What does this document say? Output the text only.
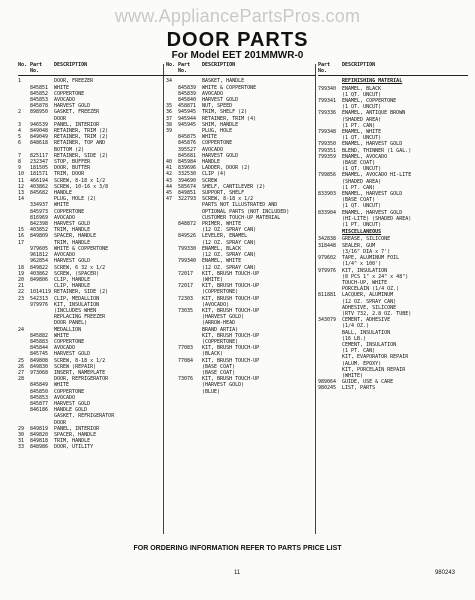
www.AppliancePartsPros.com
DOOR PARTS
For Model EET 201MMWR-0
No. Part No.
DESCRIPTION
1	DOOR, FREEZER
845851	WHITE
845852	COPPERTONE
845853	AVOCADO
845878	HARVEST GOLD
2	898950	GASKET, FREEZER
DOOR
3	946539	PANEL, INTERIOR
4	849048	RETAINER, TRIM (2)
5	849049	RETAINER, TRIM (2)
6	848618	RETAINER, TOP AND
BOTTOM (2)
7	825117	RETAINER, SIDE (2)
8	232347	STOP, BUFFER
9	181505	DOOR, BUTTER
10	181571	TRIM, DOOR
11	466194	SCREW, 8-18 x 1/2
12	403862	SCREW, 10-16 x 3/8
13	845682	HANDLE
14	PLUG, HOLE (2)
334937	WHITE
845973	COPPERTONE
816969	AVOCADO
842398	HARVEST GOLD
15	403852	TRIM, HANDLE
16	849809	SPACER, HANDLE
17	TRIM, HANDLE
979605	WHITE & COPPERTONE
961812	AVOCADO
962854	HARVEST GOLD
18	849822	SCREW, 6 32 x 1/2
19	403862	SCREW, (SPACER)
20	849806	CLIP, HANDLE
21	CLIP, HANDLE
22	1014119 RETAINER, SIDE (2)
23	542313	CLIP, MEDALLION
979976	KIT, INSULATION
(INCLUDES WHEN
REPLACING FREEZER
DOOR PANEL)
24	MEDALLION
845882	WHITE
845883	COPPERTONE
845844	AVOCADO
845745	HARVEST GOLD
25	849808	SCREW, 8-18 x 1/2
26	849830	SCREW (REPAIR)
27	973068	INSERT, NAMEPLATE
28	DOOR, REFRIGERATOR
845849	WHITE
845850	COPPERTONE
845853	AVOCADO
845877	HARVEST GOLD
846186	HANDLE GOLD
GASKET, REFRIGERATOR
DOOR
29	849819	PANEL, INTERIOR
30	849820	SPACER, HANDLE
31	849818	TRIM, HANDLE
33	848986	DOOR, UTILITY
No. Part No.
DESCRIPTION
34	BASKET, HANDLE
845839	WHITE & COPPERTONE
845839	AVOCADO
845840	HARVEST GOLD
35	458871	NUT, SPEED
36	945945	TRIM, SHELF (2)
37	945944	RETAINER, TRIM (4)
38	945945	SHIM, HANDLE
39	PLUG, HOLE
845875	WHITE
845876	COPPERTONE
395527	AVOCADO
845681	HARVEST GOLD
40	845984	HANDLE
41	839696	LADDER, DOOR (2)
42	332530	CLIP (4)
43	394690	SCREW
44	585674	SHELF, CANTILEVER (2)
45	849851	SUPPORT, SHELF
47	322793	SCREW, 8-18 x 1/2
PARTS NOT ILLUSTRATED AND
OPTIONAL PARTS (NOT INCLUDED)
CUSTOMER TOUCH-UP MATERIAL
848872	PRIMER, WHITE
(12 OZ. SPRAY CAN)
849526	LEVELER, ENAMEL
(12 OZ. SPRAY CAN)
799330	ENAMEL, BLACK
(12 OZ. SPRAY CAN)
799340	ENAMEL, WHITE
(12 OZ. SPRAY CAN)
72017	KIT, BRUSH TOUCH-UP
(WHITE)
72017	KIT, BRUSH TOUCH-UP
(COPPERTONE)
72303	KIT, BRUSH TOUCH-UP
(AVOCADO)
73035	KIT, BRUSH TOUCH-UP
(HARVEST GOLD)
(ARROW-HEAD
BRAND ARTIA)
KIT, BRUSH TOUCH-UP
(COPPERTONE)
77083	KIT, BRUSH TOUCH-UP
(BLACK)
77084	KIT, BRUSH TOUCH-UP
(BASE COAT)
(BASE COAT)
73076	KIT, BRUSH TOUCH-UP
(HARVEST GOLD)
(BLUE)
Part No.
DESCRIPTION
REFINISHING MATERIAL
799340	ENAMEL, BLACK
(1 QT. UNCUT)
799341	ENAMEL, COPPERTONE
(1 QT. UNCUT)
799336	ENAMEL, ANTIQUE BROWN
(SHADED AREA)
(1 PT. CAN)
799348	ENAMEL, WHITE
(1 QT. UNCUT)
799350	ENAMEL, HARVEST GOLD
799351	BLEND, THINNER (1 GAL.)
799359	ENAMEL, AVOCADO
(BASE COAT)
(1 QT. UNCUT)
799856	ENAMEL, AVOCADO HI-LITE
(SHADED AREA)
(1 PT. CAN)
833903	ENAMEL, HARVEST GOLD
(BASE COAT)
(1 QT. UNCUT)
833904	ENAMEL, HARVEST GOLD
(HI-LITE) (SHADED AREA)
(1 PT. UNCUT)
MISCELLANEOUS
342838	GREASE, SILICONE
318448	SEALER, GUM
(3/16" DIA x 7')
979602	TAPE, ALUMINUM FOIL
(1/4" x 100')
979976	KIT, INSULATION
(8 PCS 1" x 24" x 48")
TOUCH-UP, WHITE
PORCELAIN (1/4 OZ.)
811881	LACQUER, ALUMINUM
(12 OZ. SPRAY CAN)
ADHESIVE, SILICONE
(RTV 732, 2.8 OZ. TUBE)
343079	CEMENT, ADHESIVE
(1/4 OZ.)
BALL, INSULATION
(16 LB.)
CEMENT, INSULATION
(1 PT. CAN)
KIT, EVAPORATOR REPAIR
(ALUM. EPOXY)
KIT, PORCELAIN REPAIR
(WHITE)
989064	GUIDE, USE & CARE
980245	LIST, PARTS
FOR ORDERING INFORMATION REFER TO PARTS PRICE LIST
11	980243
